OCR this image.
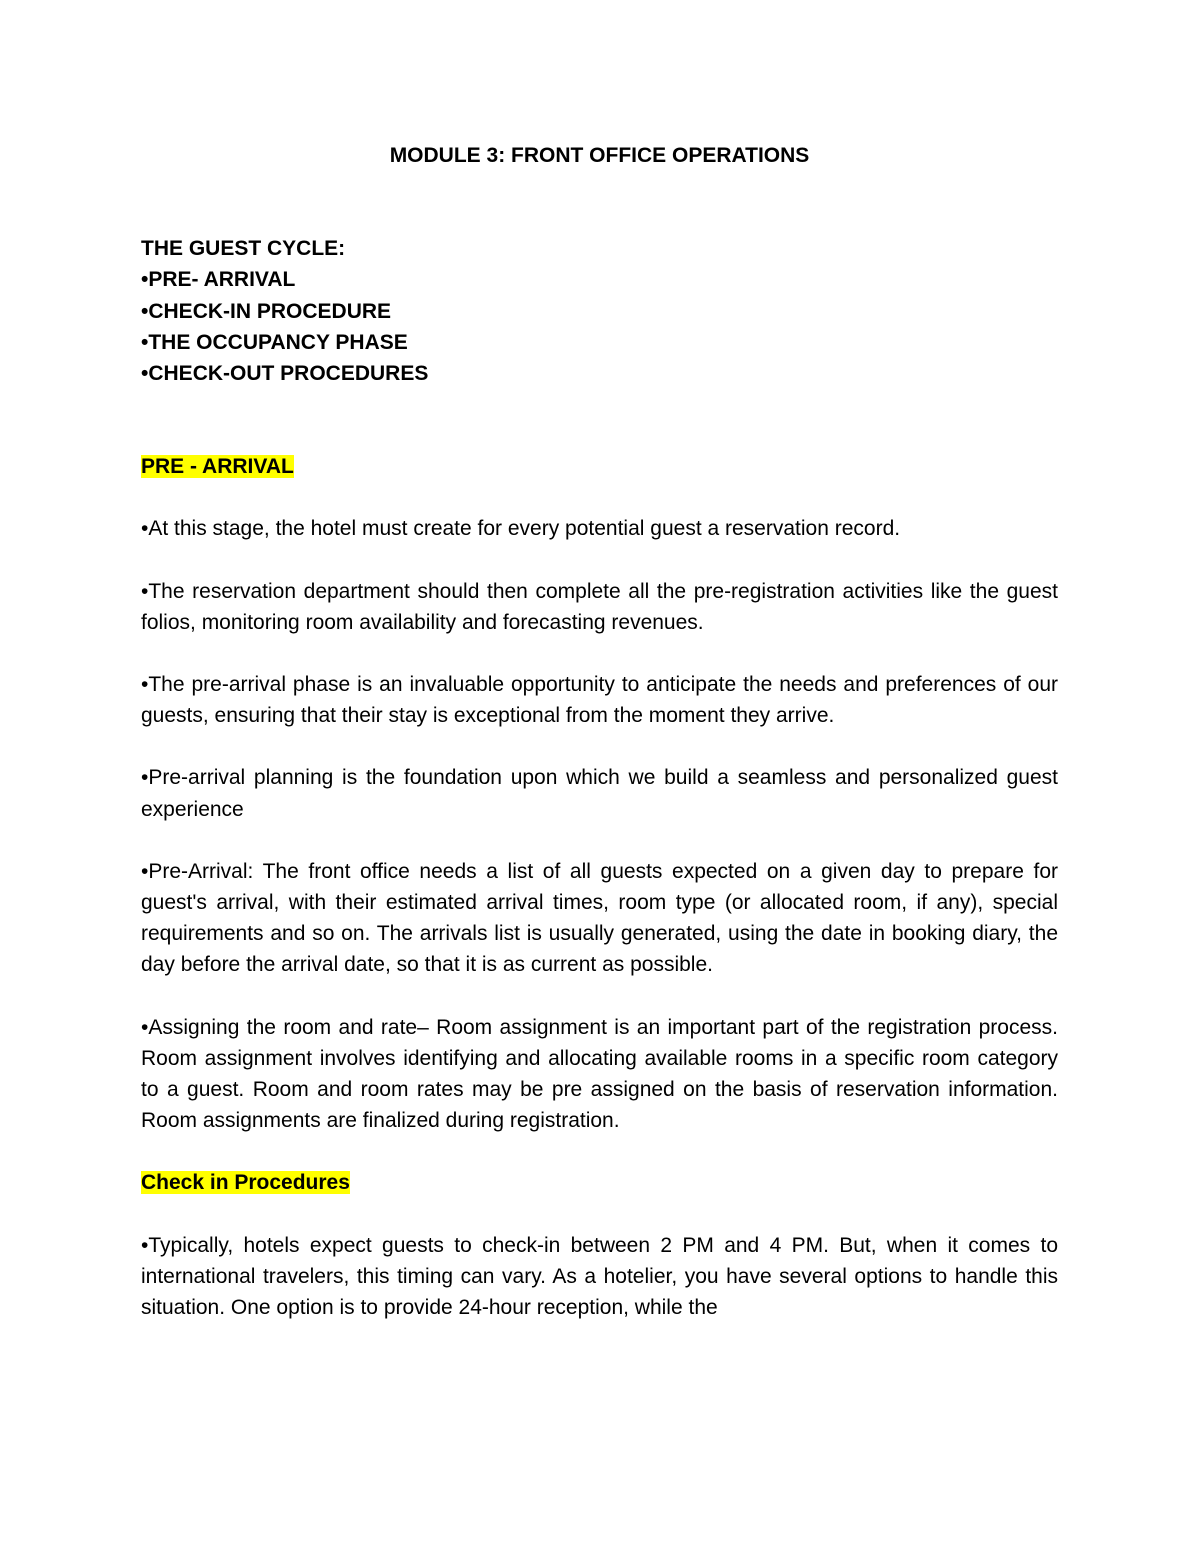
MODULE 3: FRONT OFFICE OPERATIONS
THE GUEST CYCLE:
•PRE- ARRIVAL
•CHECK-IN PROCEDURE
•THE OCCUPANCY PHASE
•CHECK-OUT PROCEDURES
PRE - ARRIVAL

•At this stage, the hotel must create for every potential guest a reservation record.

•The reservation department should then complete all the pre-registration activities like the guest folios, monitoring room availability and forecasting revenues.

•The pre-arrival phase is an invaluable opportunity to anticipate the needs and preferences of our guests, ensuring that their stay is exceptional from the moment they arrive.

•Pre-arrival planning is the foundation upon which we build a seamless and personalized guest experience

•Pre-Arrival: The front office needs a list of all guests expected on a given day to prepare for guest's arrival, with their estimated arrival times, room type (or allocated room, if any), special requirements and so on. The arrivals list is usually generated, using the date in booking diary, the day before the arrival date, so that it is as current as possible.

•Assigning the room and rate– Room assignment is an important part of the registration process. Room assignment involves identifying and allocating available rooms in a specific room category to a guest. Room and room rates may be pre assigned on the basis of reservation information. Room assignments are finalized during registration.

Check in Procedures

•Typically, hotels expect guests to check-in between 2 PM and 4 PM. But, when it comes to international travelers, this timing can vary. As a hotelier, you have several options to handle this situation. One option is to provide 24-hour reception, while the
